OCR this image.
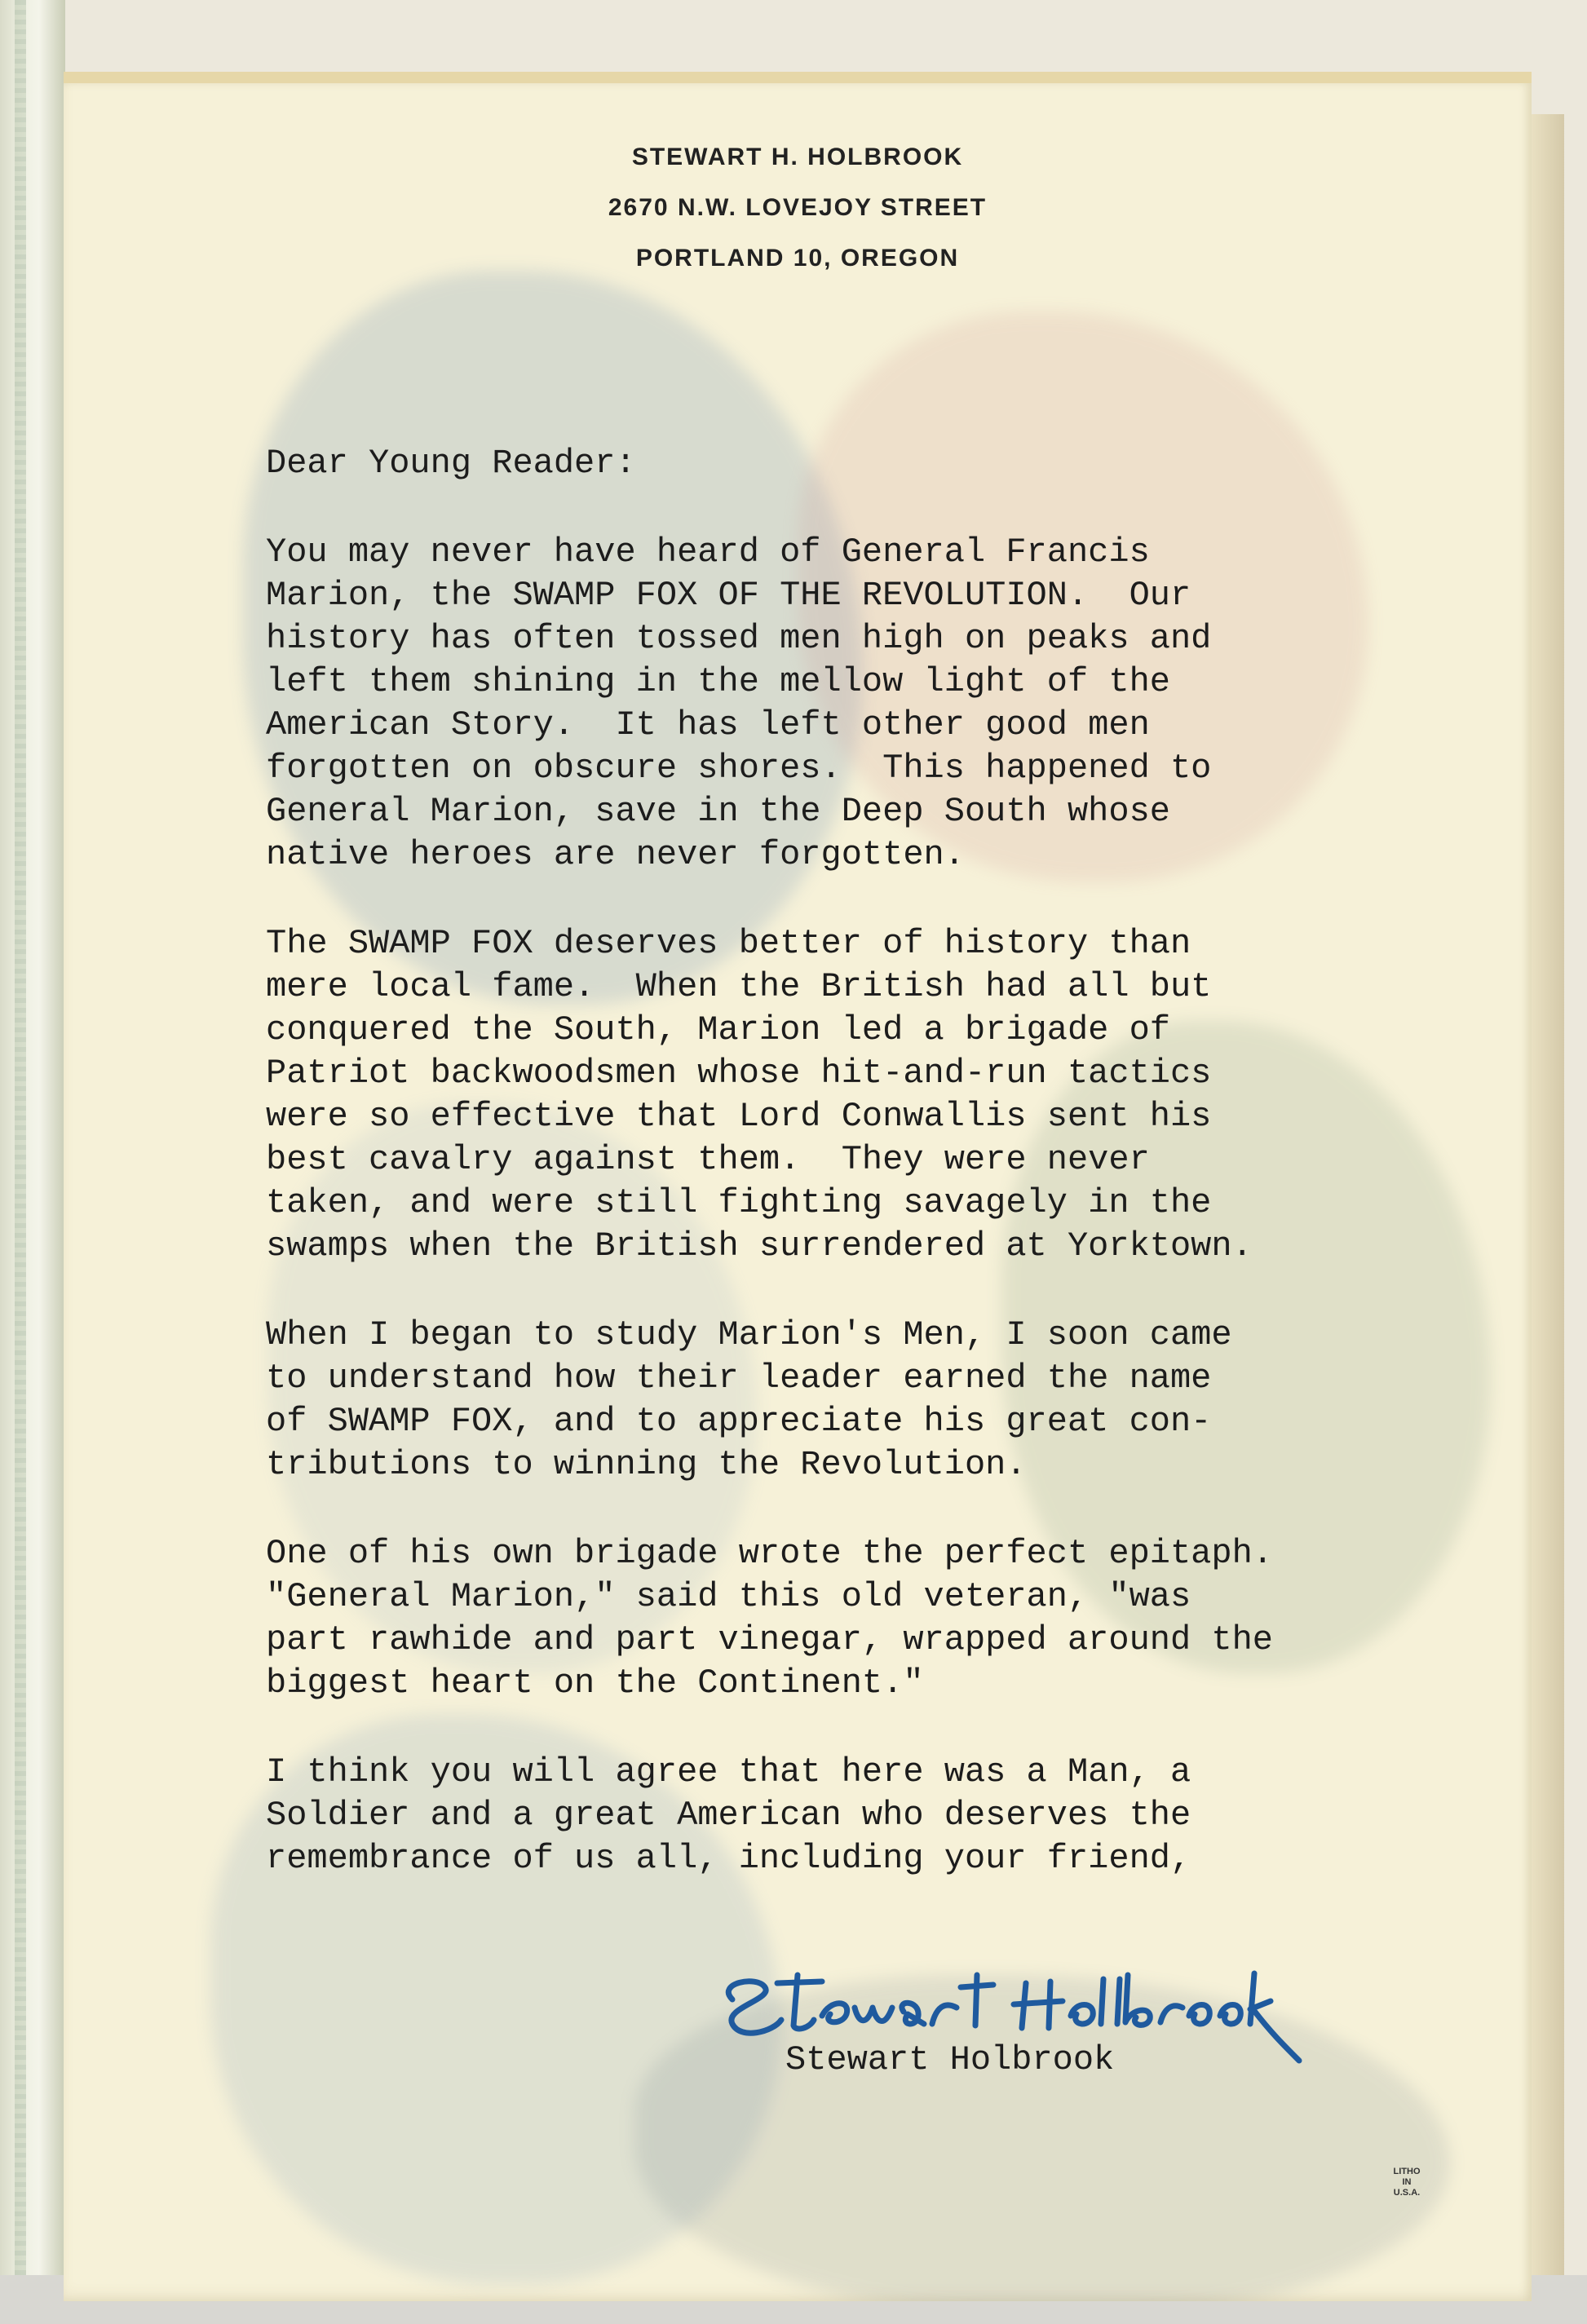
STEWART H. HOLBROOK
2670 N.W. LOVEJOY STREET
PORTLAND 10, OREGON
Dear Young Reader:
You may never have heard of General Francis
Marion, the SWAMP FOX OF THE REVOLUTION.  Our
history has often tossed men high on peaks and
left them shining in the mellow light of the
American Story.  It has left other good men
forgotten on obscure shores.  This happened to
General Marion, save in the Deep South whose
native heroes are never forgotten.
The SWAMP FOX deserves better of history than
mere local fame.  When the British had all but
conquered the South, Marion led a brigade of
Patriot backwoodsmen whose hit-and-run tactics
were so effective that Lord Conwallis sent his
best cavalry against them.  They were never
taken, and were still fighting savagely in the
swamps when the British surrendered at Yorktown.
When I began to study Marion's Men, I soon came
to understand how their leader earned the name
of SWAMP FOX, and to appreciate his great con-
tributions to winning the Revolution.
One of his own brigade wrote the perfect epitaph.
"General Marion," said this old veteran, "was
part rawhide and part vinegar, wrapped around the
biggest heart on the Continent."
I think you will agree that here was a Man, a
Soldier and a great American who deserves the
remembrance of us all, including your friend,
Stewart Holbrook
LITHO
IN
U.S.A.
